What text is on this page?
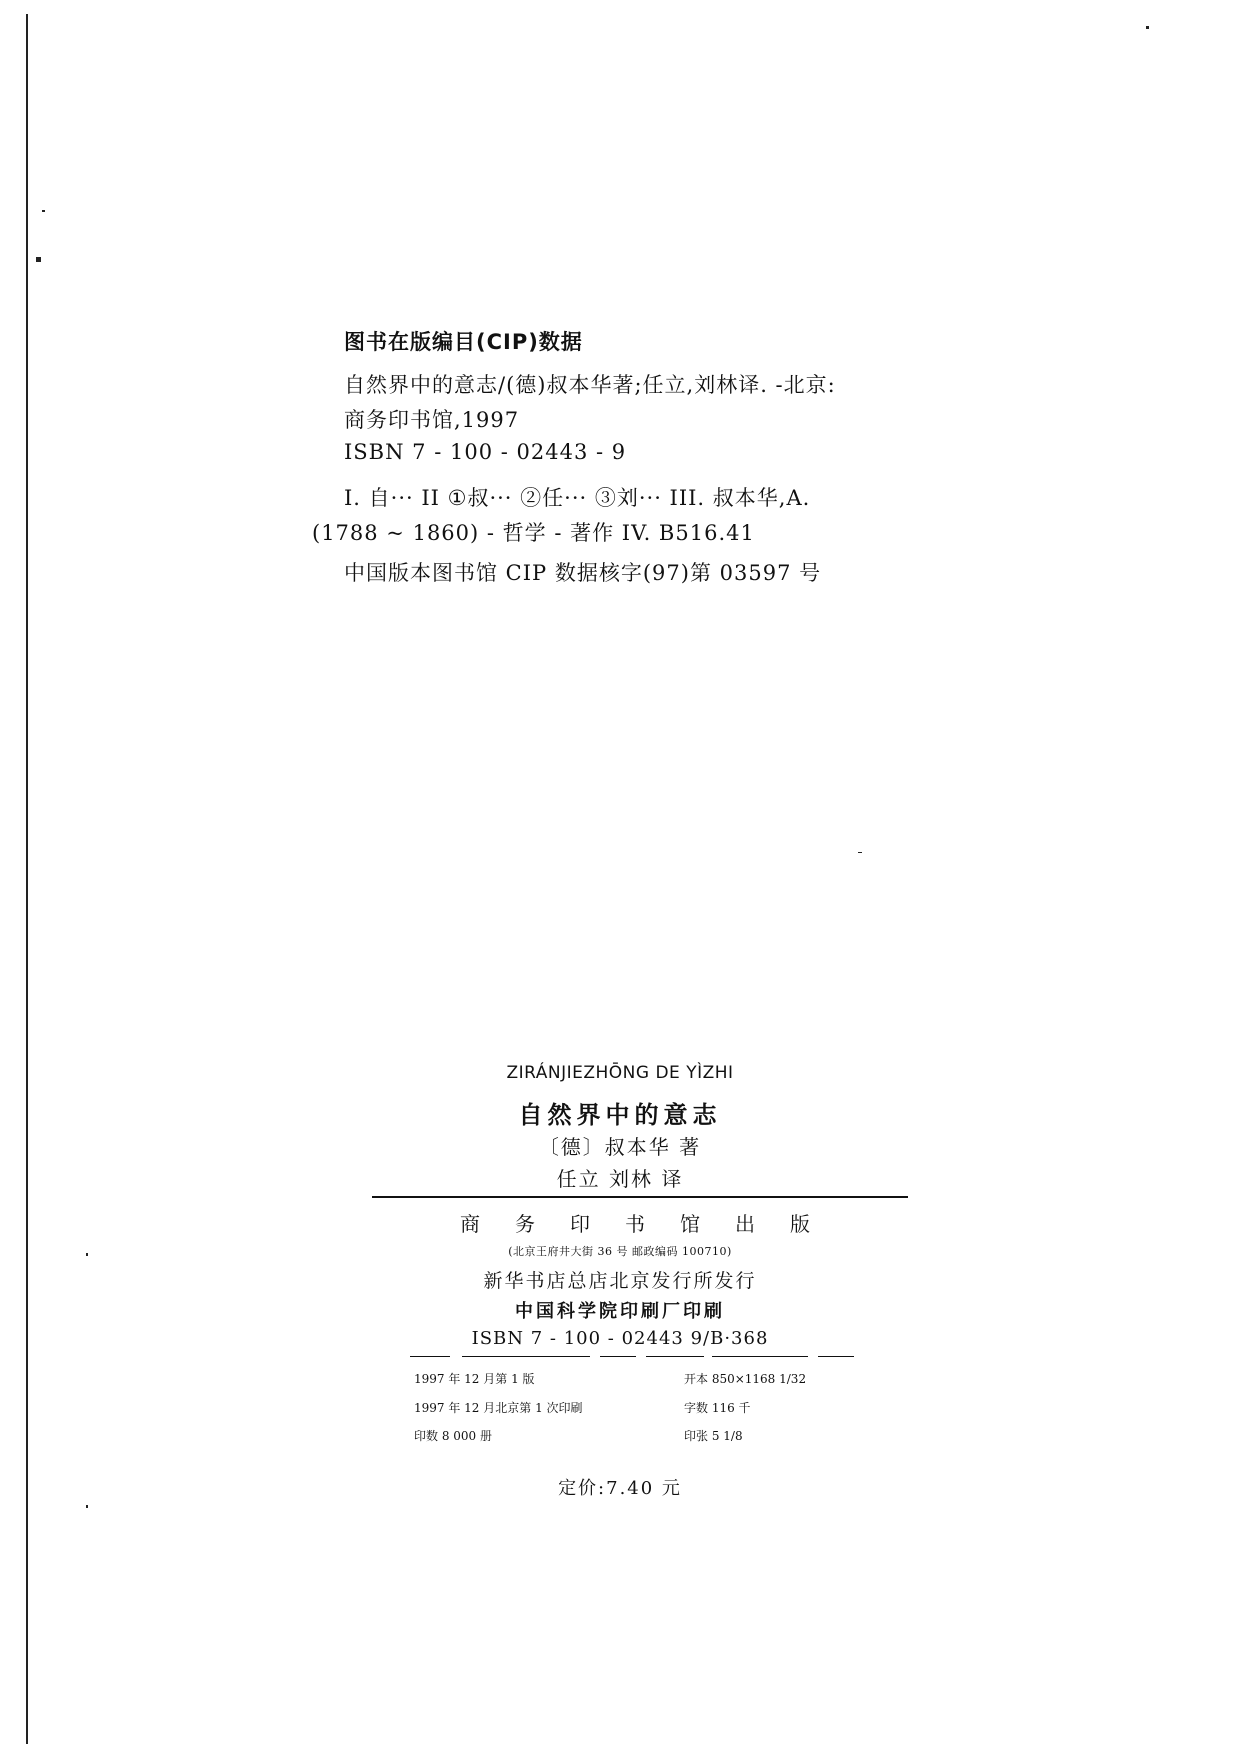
图书在版编目(CIP)数据
自然界中的意志/(德)叔本华著;任立,刘林译. -北京:
商务印书馆,1997
ISBN 7 - 100 - 02443 - 9
I. 自··· II ①叔··· ②任··· ③刘··· III. 叔本华,A.
(1788 ~ 1860) - 哲学 - 著作 IV. B516.41
中国版本图书馆 CIP 数据核字(97)第 03597 号
ZIRÁNJIEZHŌNG DE YÌZHI
自然界中的意志
〔德〕叔本华 著
任立 刘林 译
商 务 印 书 馆 出 版
(北京王府井大街 36 号 邮政编码 100710)
新华书店总店北京发行所发行
中国科学院印刷厂印刷
ISBN 7 - 100 - 02443 9/B·368
1997 年 12 月第 1 版	开本 850×1168 1/32
1997 年 12 月北京第 1 次印刷	字数 116 千
印数 8 000 册	印张 5 1/8
定价:7.40 元
